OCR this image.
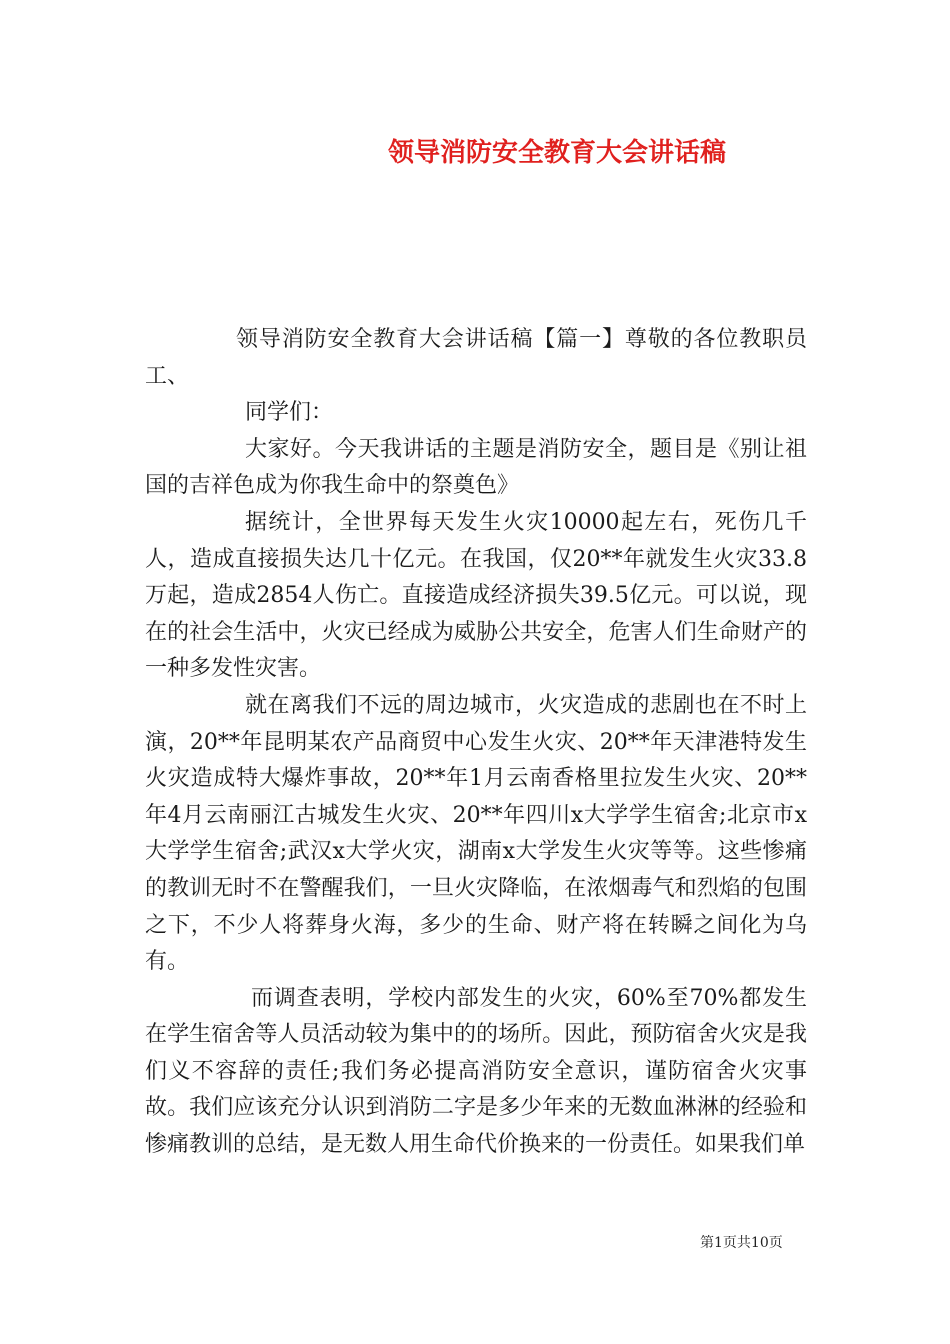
领导消防安全教育大会讲话稿

领导消防安全教育大会讲话稿【篇一】尊敬的各位教职员工、

同学们：

大家好。今天我讲话的主题是消防安全，题目是《别让祖国的吉祥色成为你我生命中的祭奠色》

据统计，全世界每天发生火灾10000起左右，死伤几千人，造成直接损失达几十亿元。在我国，仅20**年就发生火灾33.8万起，造成2854人伤亡。直接造成经济损失39.5亿元。可以说，现在的社会生活中，火灾已经成为威胁公共安全，危害人们生命财产的一种多发性灾害。

就在离我们不远的周边城市，火灾造成的悲剧也在不时上演，20**年昆明某农产品商贸中心发生火灾、20**年天津港特发生火灾造成特大爆炸事故，20**年1月云南香格里拉发生火灾、20**年4月云南丽江古城发生火灾、20**年四川x大学学生宿舍;北京市x大学学生宿舍;武汉x大学火灾，湖南x大学发生火灾等等。这些惨痛的教训无时不在警醒我们，一旦火灾降临，在浓烟毒气和烈焰的包围之下，不少人将葬身火海，多少的生命、财产将在转瞬之间化为乌有。

而调查表明，学校内部发生的火灾，60%至70%都发生在学生宿舍等人员活动较为集中的的场所。因此，预防宿舍火灾是我们义不容辞的责任;我们务必提高消防安全意识，谨防宿舍火灾事故。我们应该充分认识到消防二字是多少年来的无数血淋淋的经验和惨痛教训的总结，是无数人用生命代价换来的一份责任。如果我们单

第1页共10页
